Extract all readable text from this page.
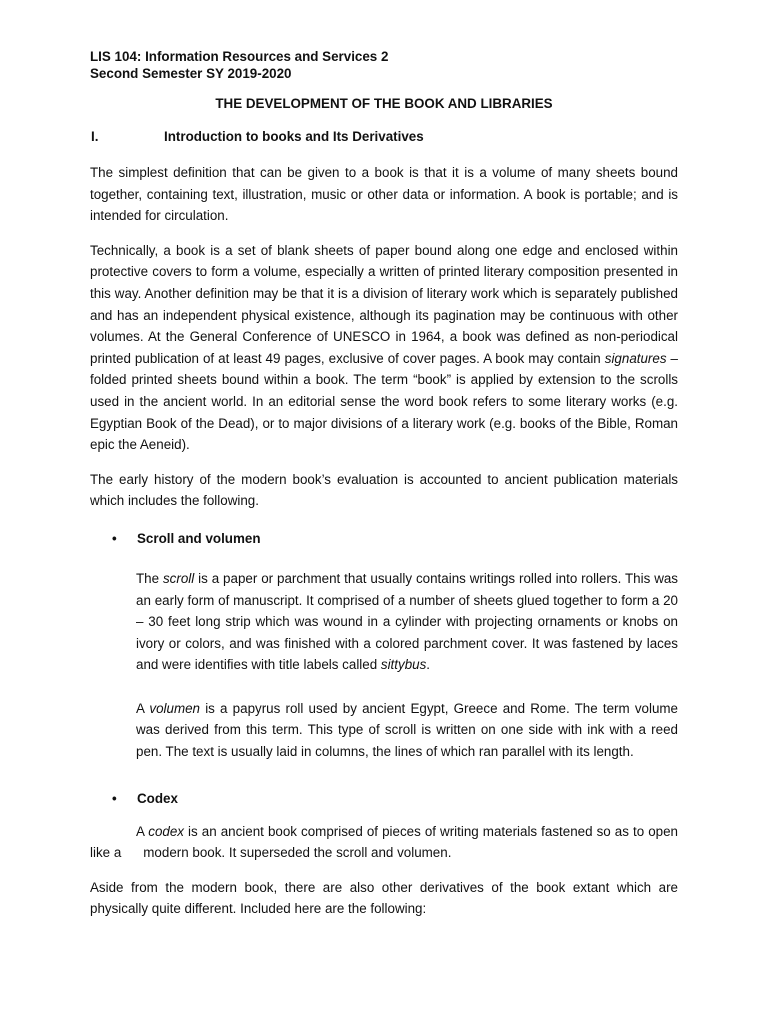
LIS 104: Information Resources and Services 2
Second Semester SY 2019-2020
THE DEVELOPMENT OF THE BOOK AND LIBRARIES
I.	Introduction to books and Its Derivatives

The simplest definition that can be given to a book is that it is a volume of many sheets bound together, containing text, illustration, music or other data or information. A book is portable; and is intended for circulation.

Technically, a book is a set of blank sheets of paper bound along one edge and enclosed within protective covers to form a volume, especially a written of printed literary composition presented in this way. Another definition may be that it is a division of literary work which is separately published and has an independent physical existence, although its pagination may be continuous with other volumes. At the General Conference of UNESCO in 1964, a book was defined as non-periodical printed publication of at least 49 pages, exclusive of cover pages. A book may contain signatures – folded printed sheets bound within a book. The term “book” is applied by extension to the scrolls used in the ancient world. In an editorial sense the word book refers to some literary works (e.g. Egyptian Book of the Dead), or to major divisions of a literary work (e.g. books of the Bible, Roman epic the Aeneid).

The early history of the modern book’s evaluation is accounted to ancient publication materials which includes the following.

•	Scroll and volumen

The scroll is a paper or parchment that usually contains writings rolled into rollers. This was an early form of manuscript. It comprised of a number of sheets glued together to form a 20 – 30 feet long strip which was wound in a cylinder with projecting ornaments or knobs on ivory or colors, and was finished with a colored parchment cover. It was fastened by laces and were identifies with title labels called sittybus.

A volumen is a papyrus roll used by ancient Egypt, Greece and Rome. The term volume was derived from this term. This type of scroll is written on one side with ink with a reed pen. The text is usually laid in columns, the lines of which ran parallel with its length.

•	Codex

A codex is an ancient book comprised of pieces of writing materials fastened so as to open like a modern book. It superseded the scroll and volumen.

Aside from the modern book, there are also other derivatives of the book extant which are physically quite different. Included here are the following:
